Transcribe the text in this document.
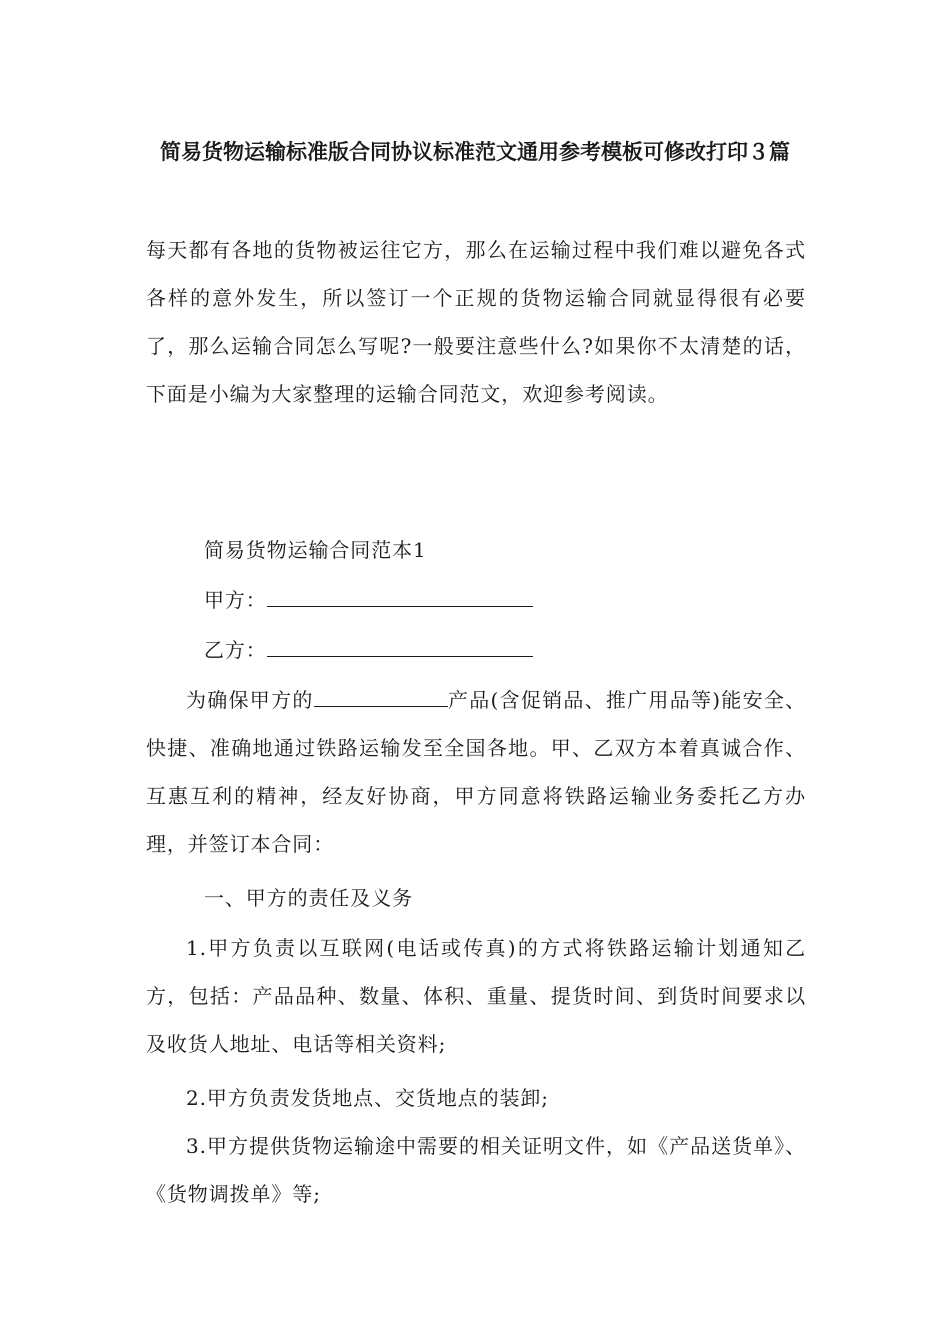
简易货物运输标准版合同协议标准范文通用参考模板可修改打印３篇
每天都有各地的货物被运往它方，那么在运输过程中我们难以避免各式各样的意外发生，所以签订一个正规的货物运输合同就显得很有必要了，那么运输合同怎么写呢?一般要注意些什么?如果你不太清楚的话，下面是小编为大家整理的运输合同范文，欢迎参考阅读。
简易货物运输合同范本1
甲方：
乙方：
为确保甲方的	产品(含促销品、推广用品等)能安全、快捷、准确地通过铁路运输发至全国各地。甲、乙双方本着真诚合作、互惠互利的精神，经友好协商，甲方同意将铁路运输业务委托乙方办理，并签订本合同：
一、甲方的责任及义务
1.甲方负责以互联网(电话或传真)的方式将铁路运输计划通知乙方，包括：产品品种、数量、体积、重量、提货时间、到货时间要求以及收货人地址、电话等相关资料;
2.甲方负责发货地点、交货地点的装卸;
3.甲方提供货物运输途中需要的相关证明文件，如《产品送货单》、《货物调拨单》等;
